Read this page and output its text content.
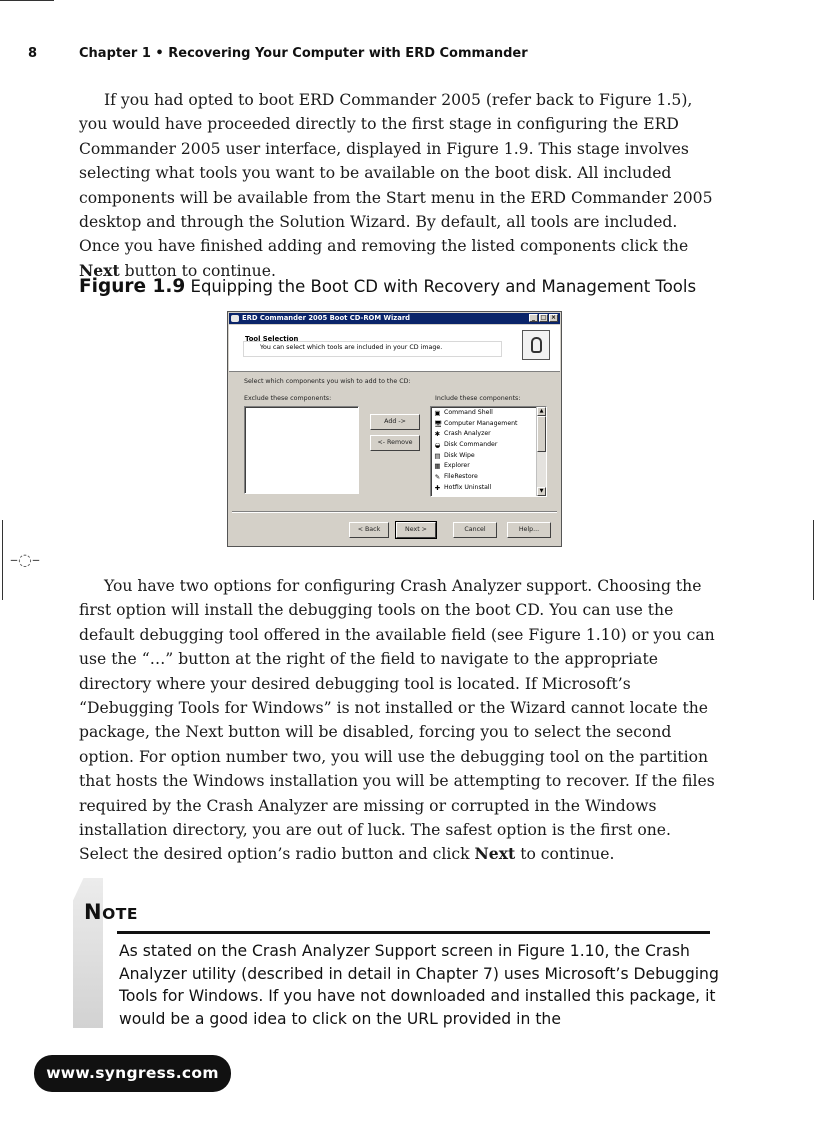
8	Chapter 1 • Recovering Your Computer with ERD Commander
If you had opted to boot ERD Commander 2005 (refer back to Figure 1.5), you would have proceeded directly to the first stage in configuring the ERD Commander 2005 user interface, displayed in Figure 1.9. This stage involves selecting what tools you want to be available on the boot disk. All included components will be available from the Start menu in the ERD Commander 2005 desktop and through the Solution Wizard. By default, all tools are included. Once you have finished adding and removing the listed components click the Next button to continue.
Figure 1.9 Equipping the Boot CD with Recovery and Management Tools
ERD Commander 2005 Boot CD-ROM Wizard	_ □ ×
Tool Selection
You can select which tools are included in your CD image.
Select which components you wish to add to the CD:
Exclude these components:	Include these components:
Add ->
<- Remove
▣ Command Shell
🖥 Computer Management
✱ Crash Analyzer
◒ Disk Commander
▤ Disk Wipe
▦ Explorer
✎ FileRestore
✚ Hotfix Uninstall
▲
▼
< Back	Next >	Cancel	Help...
–◌–
You have two options for configuring Crash Analyzer support. Choosing the first option will install the debugging tools on the boot CD. You can use the default debugging tool offered in the available field (see Figure 1.10) or you can use the “…” button at the right of the field to navigate to the appropriate directory where your desired debugging tool is located. If Microsoft’s “Debugging Tools for Windows” is not installed or the Wizard cannot locate the package, the Next button will be disabled, forcing you to select the second option. For option number two, you will use the debugging tool on the partition that hosts the Windows installation you will be attempting to recover. If the files required by the Crash Analyzer are missing or corrupted in the Windows installation directory, you are out of luck. The safest option is the first one. Select the desired option’s radio button and click Next to continue.
NOTE
As stated on the Crash Analyzer Support screen in Figure 1.10, the Crash Analyzer utility (described in detail in Chapter 7) uses Microsoft’s Debugging Tools for Windows. If you have not downloaded and installed this package, it would be a good idea to click on the URL provided in the
www.syngress.com
